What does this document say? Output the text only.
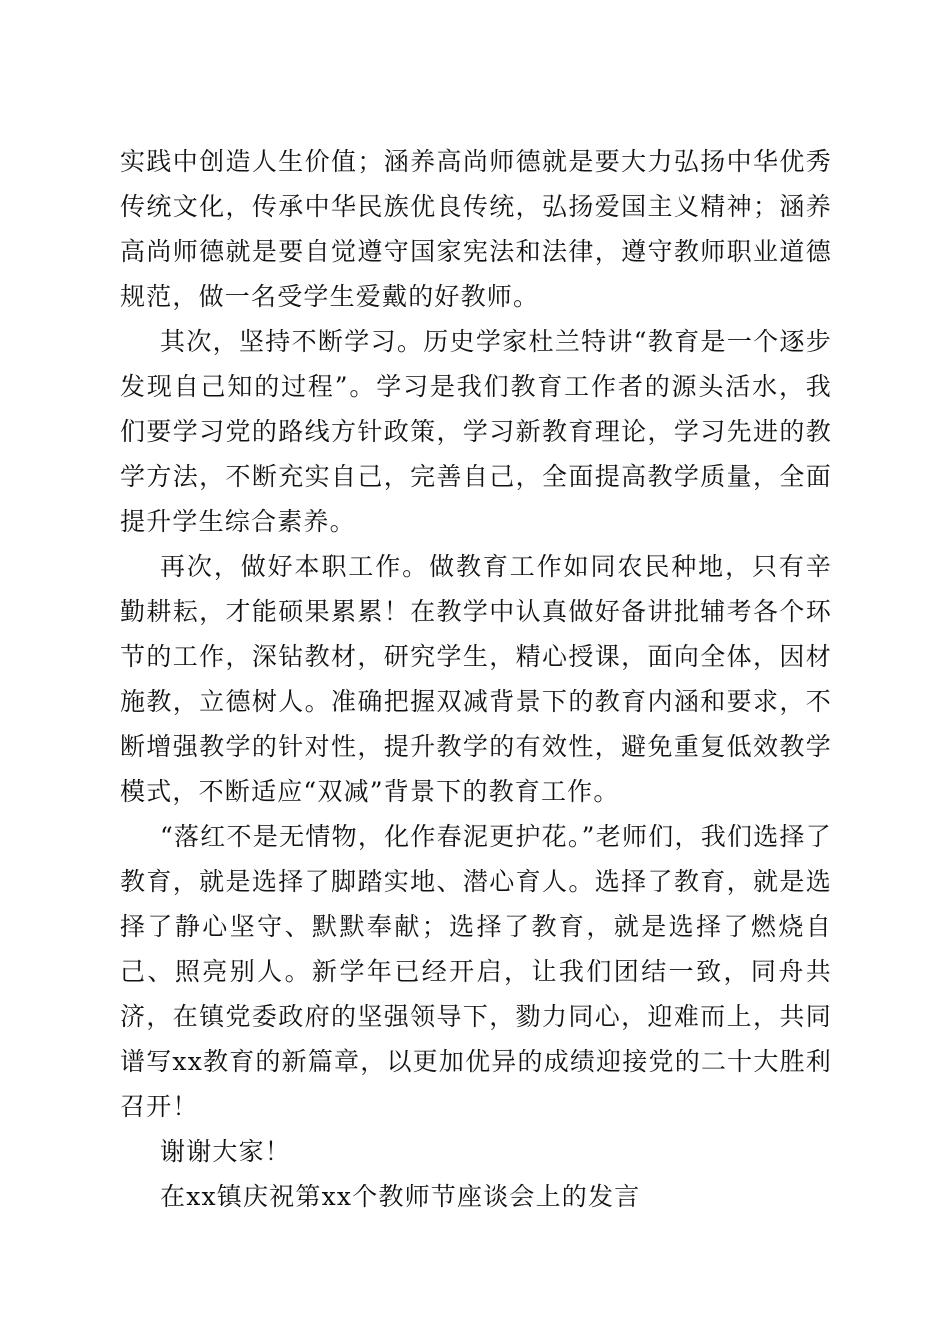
实践中创造人生价值；涵养高尚师德就是要大力弘扬中华优秀传统文化，传承中华民族优良传统，弘扬爱国主义精神；涵养高尚师德就是要自觉遵守国家宪法和法律，遵守教师职业道德规范，做一名受学生爱戴的好教师。

其次，坚持不断学习。历史学家杜兰特讲“教育是一个逐步发现自己知的过程”。学习是我们教育工作者的源头活水，我们要学习党的路线方针政策，学习新教育理论，学习先进的教学方法，不断充实自己，完善自己，全面提高教学质量，全面提升学生综合素养。

再次，做好本职工作。做教育工作如同农民种地，只有辛勤耕耘，才能硕果累累！在教学中认真做好备讲批辅考各个环节的工作，深钻教材，研究学生，精心授课，面向全体，因材施教，立德树人。准确把握双减背景下的教育内涵和要求，不断增强教学的针对性，提升教学的有效性，避免重复低效教学模式，不断适应“双减”背景下的教育工作。

“落红不是无情物，化作春泥更护花。”老师们，我们选择了教育，就是选择了脚踏实地、潜心育人。选择了教育，就是选择了静心坚守、默默奉献；选择了教育，就是选择了燃烧自己、照亮别人。新学年已经开启，让我们团结一致，同舟共济，在镇党委政府的坚强领导下，勠力同心，迎难而上，共同谱写xx教育的新篇章，以更加优异的成绩迎接党的二十大胜利召开！

谢谢大家！

在xx镇庆祝第xx个教师节座谈会上的发言
